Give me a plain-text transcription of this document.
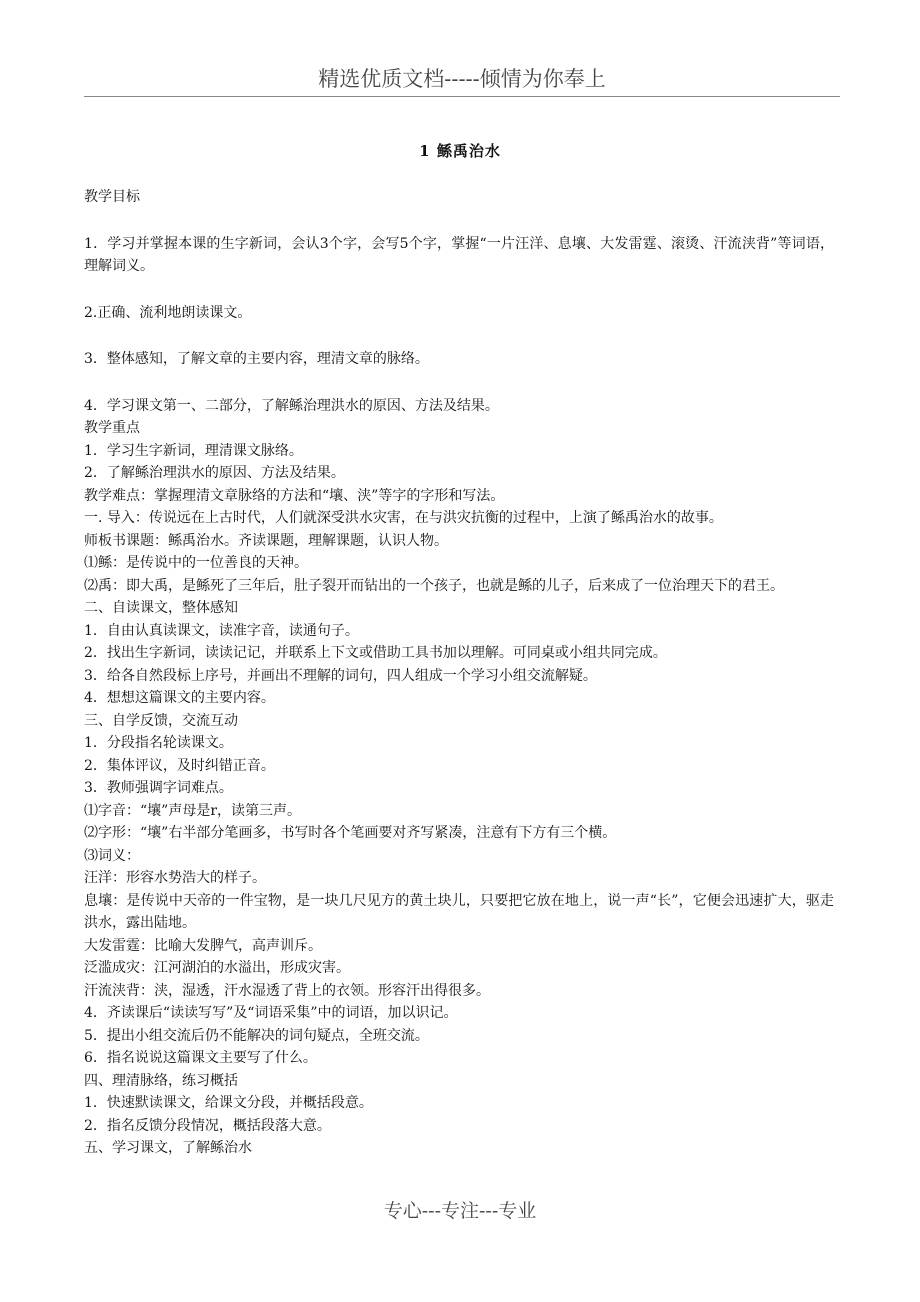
精选优质文档-----倾情为你奉上
1 鲧禹治水

教学目标

1．学习并掌握本课的生字新词，会认3个字，会写5个字，掌握“一片汪洋、息壤、大发雷霆、滚烫、汗流浃背”等词语，理解词义。

2.正确、流利地朗读课文。

3．整体感知，了解文章的主要内容，理清文章的脉络。

4．学习课文第一、二部分，了解鲧治理洪水的原因、方法及结果。

教学重点

1．学习生字新词，理清课文脉络。

2．了解鲧治理洪水的原因、方法及结果。

教学难点：掌握理清文章脉络的方法和“壤、浃”等字的字形和写法。

一. 导入：传说远在上古时代，人们就深受洪水灾害，在与洪灾抗衡的过程中，上演了鲧禹治水的故事。

师板书课题：鲧禹治水。齐读课题，理解课题，认识人物。

⑴鲧：是传说中的一位善良的天神。

⑵禹：即大禹，是鲧死了三年后，肚子裂开而钻出的一个孩子，也就是鲧的儿子，后来成了一位治理天下的君王。

二、自读课文，整体感知

1．自由认真读课文，读准字音，读通句子。

2．找出生字新词，读读记记，并联系上下文或借助工具书加以理解。可同桌或小组共同完成。

3．给各自然段标上序号，并画出不理解的词句，四人组成一个学习小组交流解疑。

4．想想这篇课文的主要内容。

三、自学反馈，交流互动

1．分段指名轮读课文。

2．集体评议，及时纠错正音。

3．教师强调字词难点。

⑴字音：“壤”声母是r，读第三声。

⑵字形：“壤”右半部分笔画多，书写时各个笔画要对齐写紧凑，注意有下方有三个横。

⑶词义：

汪洋：形容水势浩大的样子。

息壤：是传说中天帝的一件宝物，是一块几尺见方的黄土块儿，只要把它放在地上，说一声“长”，它便会迅速扩大，驱走洪水，露出陆地。

大发雷霆：比喻大发脾气，高声训斥。

泛滥成灾：江河湖泊的水溢出，形成灾害。

汗流浃背：浃，湿透，汗水湿透了背上的衣领。形容汗出得很多。

4．齐读课后“读读写写”及“词语采集”中的词语，加以识记。

5．提出小组交流后仍不能解决的词句疑点，全班交流。

6．指名说说这篇课文主要写了什么。

四、理清脉络，练习概括

1．快速默读课文，给课文分段，并概括段意。

2．指名反馈分段情况，概括段落大意。

五、学习课文，了解鲧治水

专心---专注---专业
